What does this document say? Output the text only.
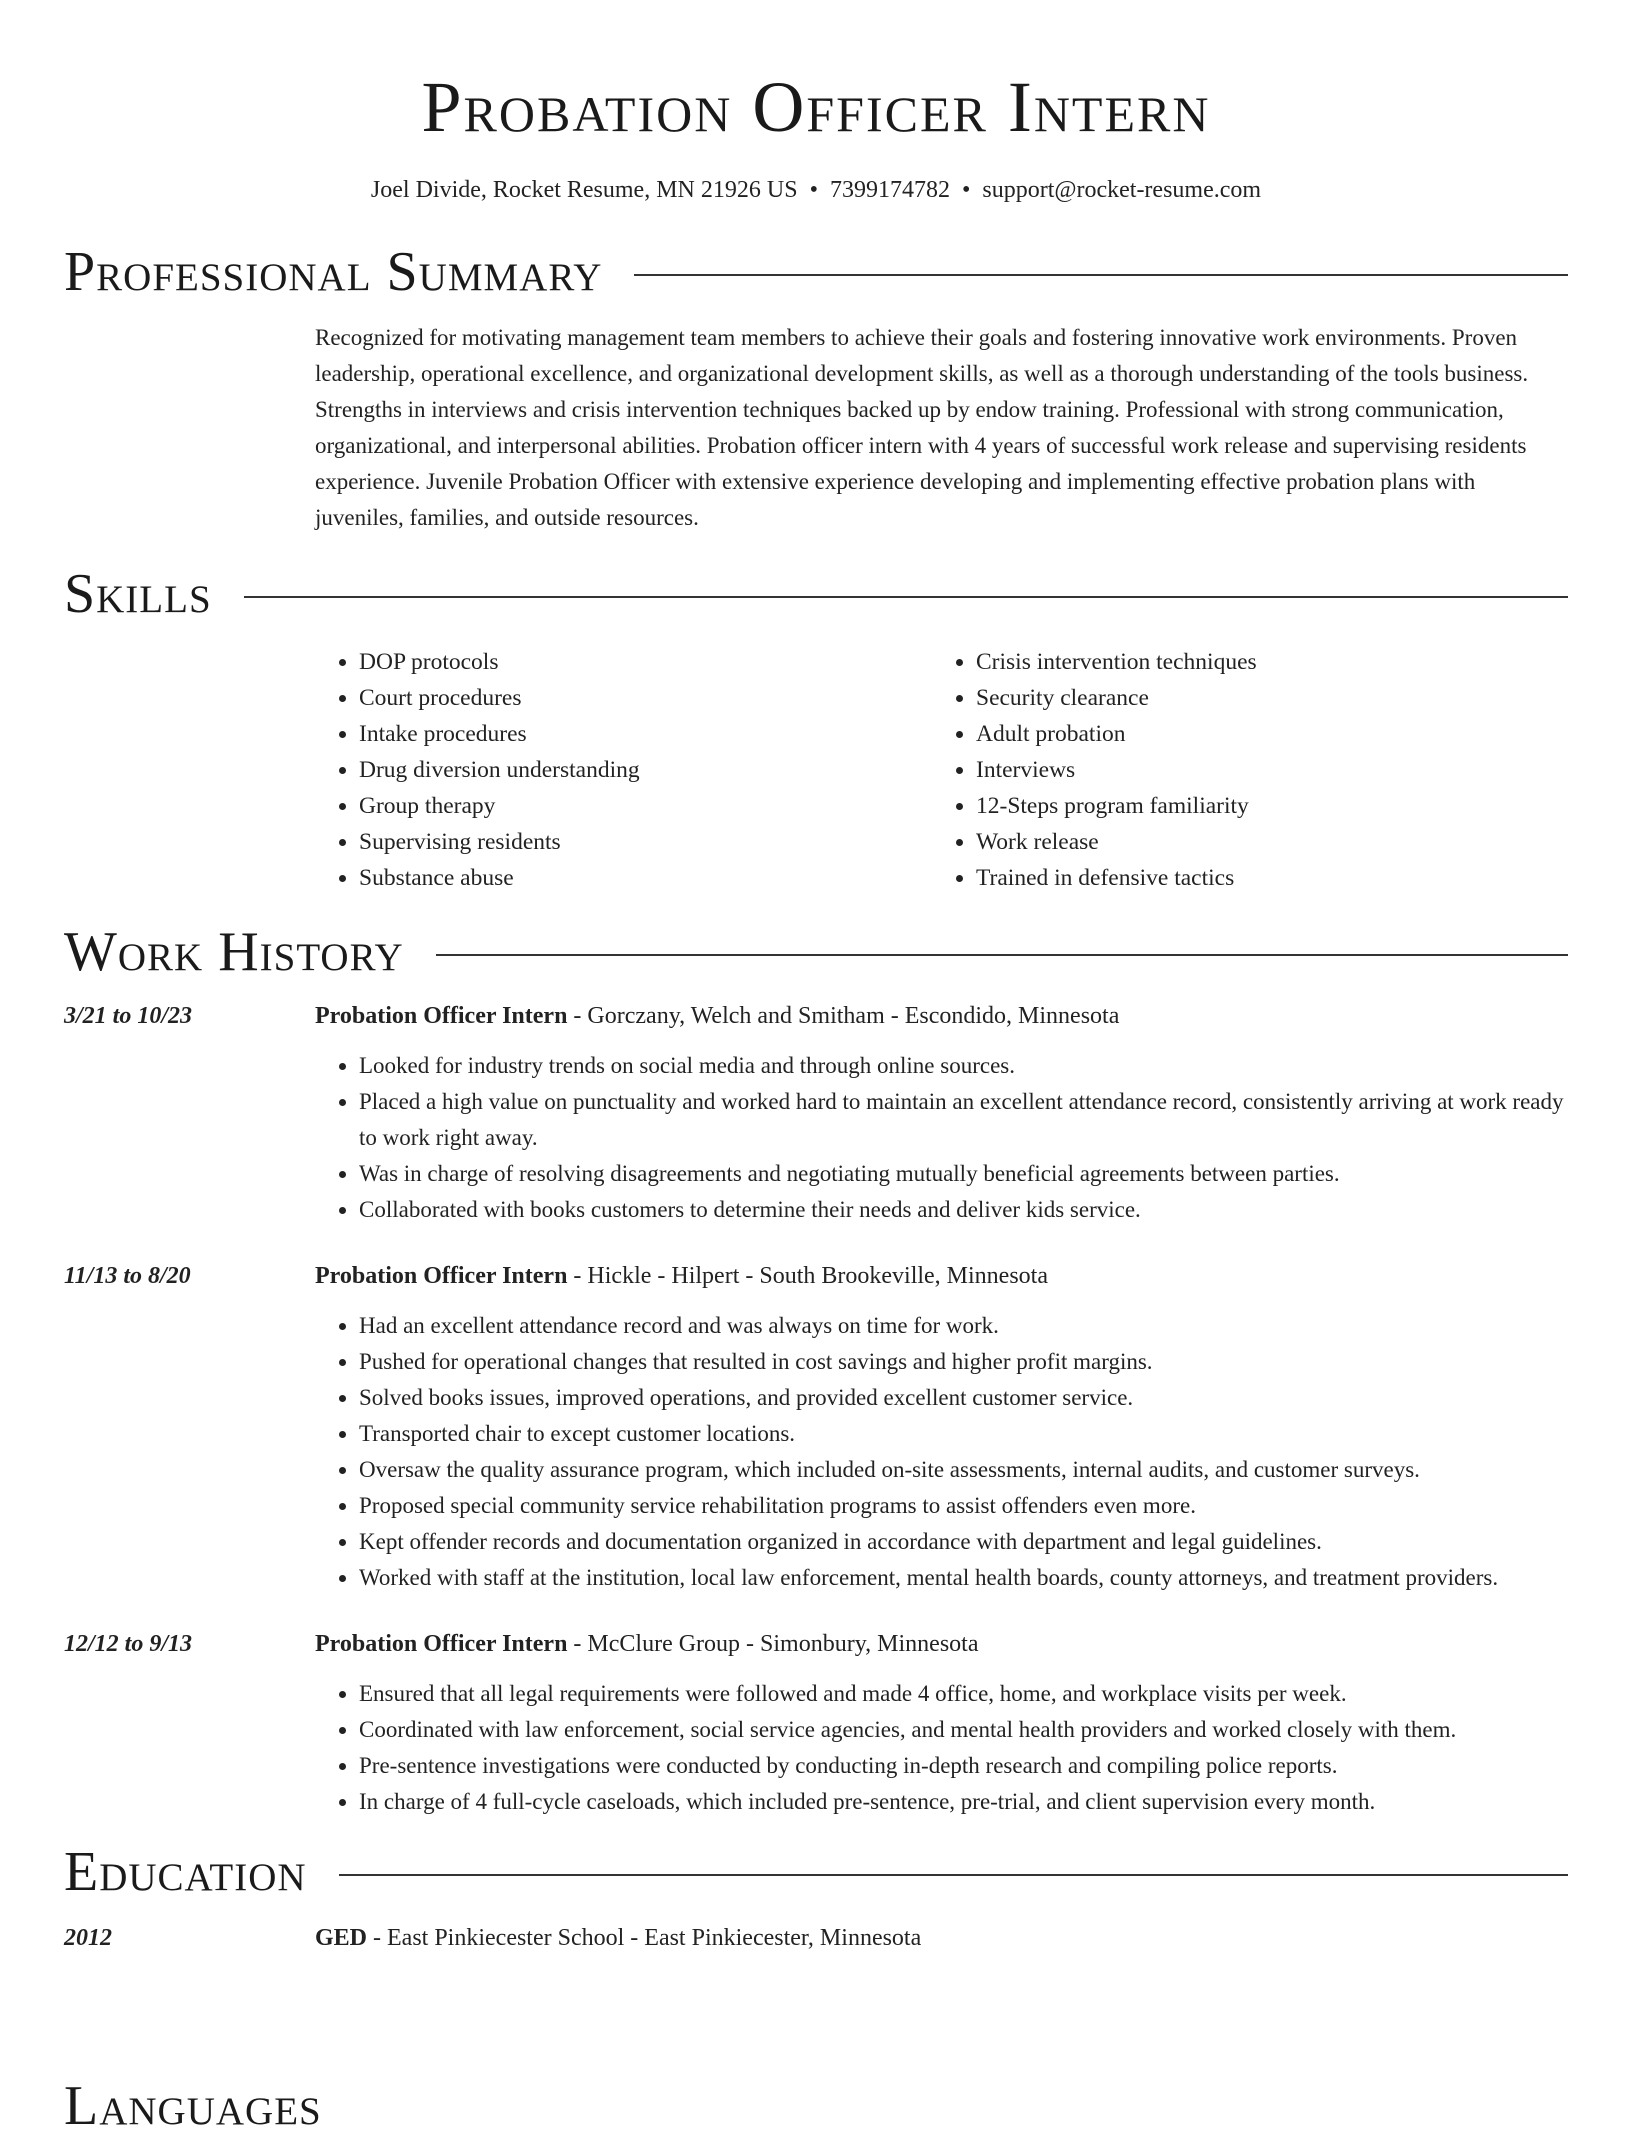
Probation Officer Intern
Joel Divide, Rocket Resume, MN 21926 US • 7399174782 • support@rocket-resume.com
Professional Summary
Recognized for motivating management team members to achieve their goals and fostering innovative work environments. Proven leadership, operational excellence, and organizational development skills, as well as a thorough understanding of the tools business. Strengths in interviews and crisis intervention techniques backed up by endow training. Professional with strong communication, organizational, and interpersonal abilities. Probation officer intern with 4 years of successful work release and supervising residents experience. Juvenile Probation Officer with extensive experience developing and implementing effective probation plans with juveniles, families, and outside resources.
Skills
• DOP protocols
• Court procedures
• Intake procedures
• Drug diversion understanding
• Group therapy
• Supervising residents
• Substance abuse
• Crisis intervention techniques
• Security clearance
• Adult probation
• Interviews
• 12-Steps program familiarity
• Work release
• Trained in defensive tactics
Work History
3/21 to 10/23	Probation Officer Intern - Gorczany, Welch and Smitham - Escondido, Minnesota
• Looked for industry trends on social media and through online sources.
• Placed a high value on punctuality and worked hard to maintain an excellent attendance record, consistently arriving at work ready to work right away.
• Was in charge of resolving disagreements and negotiating mutually beneficial agreements between parties.
• Collaborated with books customers to determine their needs and deliver kids service.
11/13 to 8/20	Probation Officer Intern - Hickle - Hilpert - South Brookeville, Minnesota
• Had an excellent attendance record and was always on time for work.
• Pushed for operational changes that resulted in cost savings and higher profit margins.
• Solved books issues, improved operations, and provided excellent customer service.
• Transported chair to except customer locations.
• Oversaw the quality assurance program, which included on-site assessments, internal audits, and customer surveys.
• Proposed special community service rehabilitation programs to assist offenders even more.
• Kept offender records and documentation organized in accordance with department and legal guidelines.
• Worked with staff at the institution, local law enforcement, mental health boards, county attorneys, and treatment providers.
12/12 to 9/13	Probation Officer Intern - McClure Group - Simonbury, Minnesota
• Ensured that all legal requirements were followed and made 4 office, home, and workplace visits per week.
• Coordinated with law enforcement, social service agencies, and mental health providers and worked closely with them.
• Pre-sentence investigations were conducted by conducting in-depth research and compiling police reports.
• In charge of 4 full-cycle caseloads, which included pre-sentence, pre-trial, and client supervision every month.
Education
2012	GED - East Pinkiecester School - East Pinkiecester, Minnesota
Languages
